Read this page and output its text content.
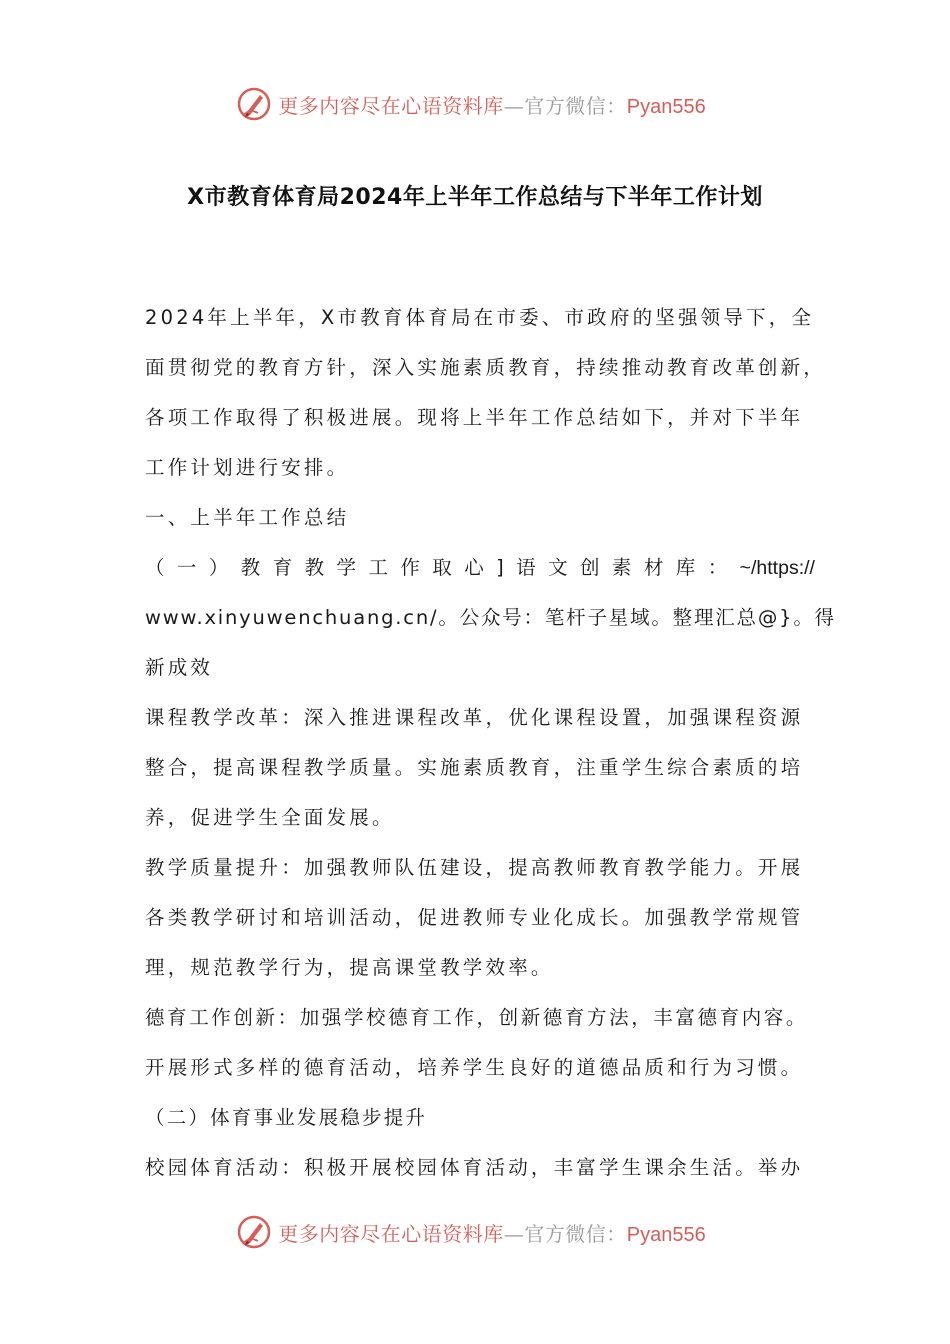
更多内容尽在心语资料库—官方微信：Pyan556
X市教育体育局2024年上半年工作总结与下半年工作计划
2024年上半年，X市教育体育局在市委、市政府的坚强领导下，全
面贯彻党的教育方针，深入实施素质教育，持续推动教育改革创新，
各项工作取得了积极进展。现将上半年工作总结如下，并对下半年
工作计划进行安排。
一、上半年工作总结
（ 一 ） 教 育 教 学 工 作 取 心 ] 语 文 创 素 材 库 ： ~/https://
www.xinyuwenchuang.cn/。公众号：笔杆子星域。整理汇总@}。得
新成效
课程教学改革：深入推进课程改革，优化课程设置，加强课程资源
整合，提高课程教学质量。实施素质教育，注重学生综合素质的培
养，促进学生全面发展。
教学质量提升：加强教师队伍建设，提高教师教育教学能力。开展
各类教学研讨和培训活动，促进教师专业化成长。加强教学常规管
理，规范教学行为，提高课堂教学效率。
德育工作创新：加强学校德育工作，创新德育方法，丰富德育内容。
开展形式多样的德育活动，培养学生良好的道德品质和行为习惯。
（二）体育事业发展稳步提升
校园体育活动：积极开展校园体育活动，丰富学生课余生活。举办
更多内容尽在心语资料库—官方微信：Pyan556
